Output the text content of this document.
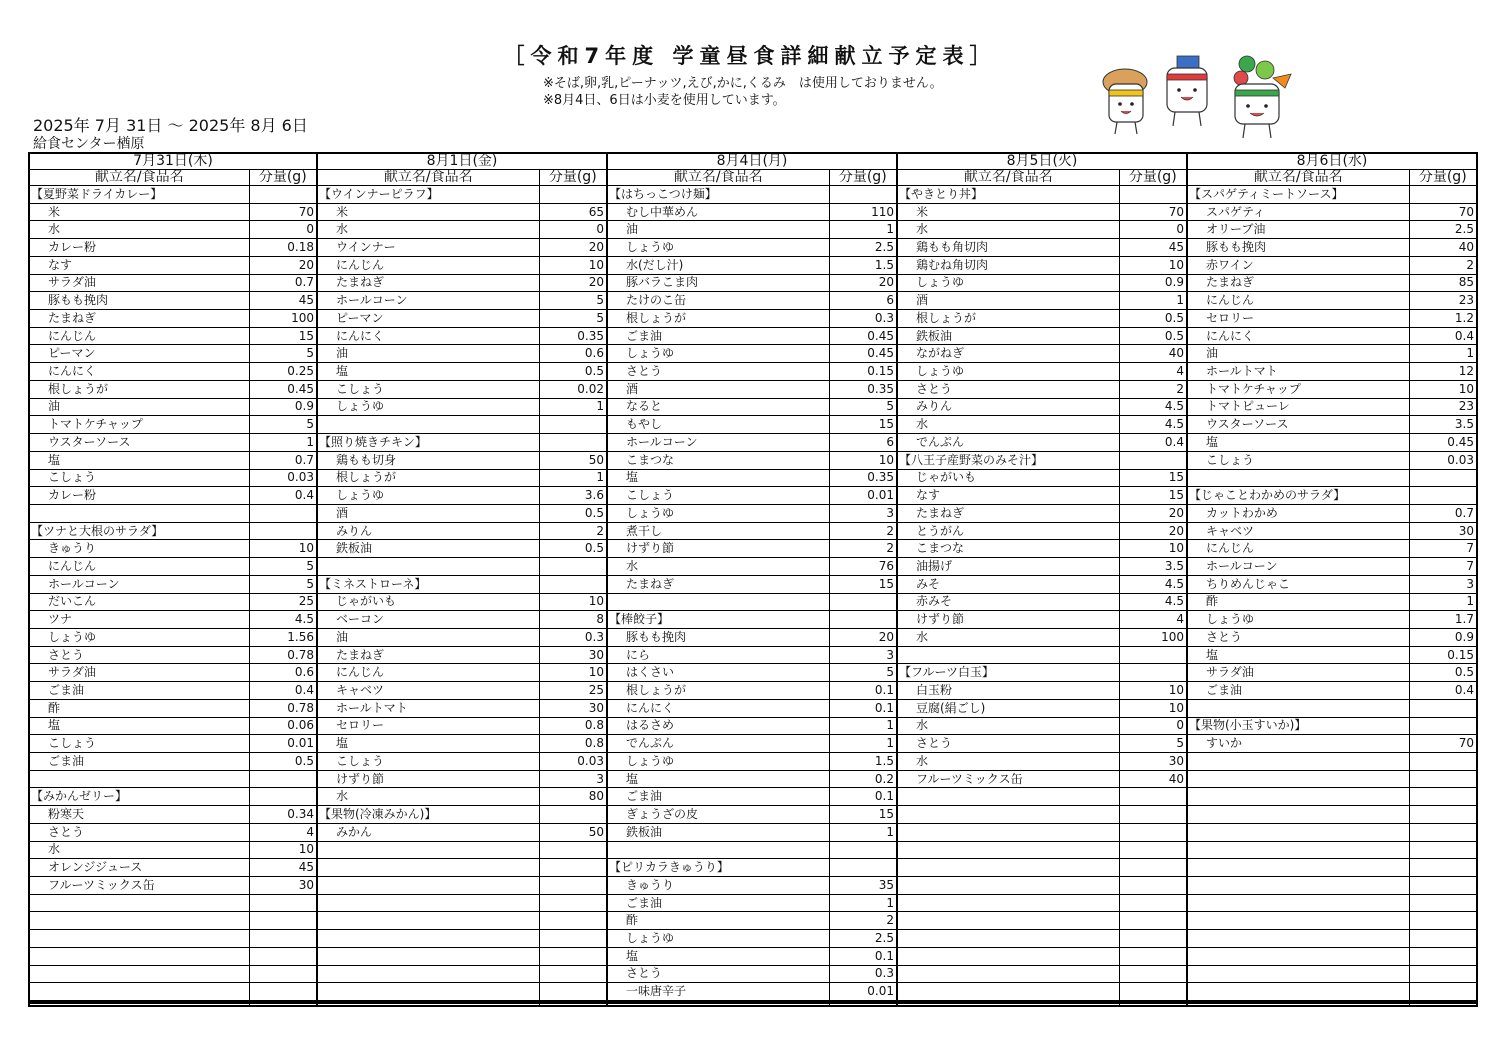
［令和7年度 学童昼食詳細献立予定表］
※そば,卵,乳,ピーナッツ,えび,かに,くるみ　は使用しておりません。
※8月4日、6日は小麦を使用しています。
2025年 7月 31日 ～ 2025年 8月 6日
給食センター楢原
7月31日(木)		8月1日(金)		8月4日(月)		8月5日(火)		8月6日(水)	
献立名/食品名	分量(g)	献立名/食品名	分量(g)	献立名/食品名	分量(g)	献立名/食品名	分量(g)	献立名/食品名	分量(g)
【夏野菜ドライカレー】		【ウインナーピラフ】		【はちっこつけ麺】		【やきとり丼】		【スパゲティミートソース】	
米	70	米	65	むし中華めん	110	米	70	スパゲティ	70
水	0	水	0	油	1	水	0	オリーブ油	2.5
カレー粉	0.18	ウインナー	20	しょうゆ	2.5	鶏もも角切肉	45	豚もも挽肉	40
なす	20	にんじん	10	水(だし汁)	1.5	鶏むね角切肉	10	赤ワイン	2
サラダ油	0.7	たまねぎ	20	豚バラこま肉	20	しょうゆ	0.9	たまねぎ	85
豚もも挽肉	45	ホールコーン	5	たけのこ缶	6	酒	1	にんじん	23
たまねぎ	100	ピーマン	5	根しょうが	0.3	根しょうが	0.5	セロリー	1.2
にんじん	15	にんにく	0.35	ごま油	0.45	鉄板油	0.5	にんにく	0.4
ピーマン	5	油	0.6	しょうゆ	0.45	ながねぎ	40	油	1
にんにく	0.25	塩	0.5	さとう	0.15	しょうゆ	4	ホールトマト	12
根しょうが	0.45	こしょう	0.02	酒	0.35	さとう	2	トマトケチャップ	10
油	0.9	しょうゆ	1	なると	5	みりん	4.5	トマトピューレ	23
トマトケチャップ	5			もやし	15	水	4.5	ウスターソース	3.5
ウスターソース	1	【照り焼きチキン】		ホールコーン	6	でんぷん	0.4	塩	0.45
塩	0.7	鶏もも切身	50	こまつな	10	【八王子産野菜のみそ汁】		こしょう	0.03
こしょう	0.03	根しょうが	1	塩	0.35	じゃがいも	15		
カレー粉	0.4	しょうゆ	3.6	こしょう	0.01	なす	15	【じゃことわかめのサラダ】	
		酒	0.5	しょうゆ	3	たまねぎ	20	カットわかめ	0.7
【ツナと大根のサラダ】		みりん	2	煮干し	2	とうがん	20	キャベツ	30
きゅうり	10	鉄板油	0.5	けずり節	2	こまつな	10	にんじん	7
にんじん	5			水	76	油揚げ	3.5	ホールコーン	7
ホールコーン	5	【ミネストローネ】		たまねぎ	15	みそ	4.5	ちりめんじゃこ	3
だいこん	25	じゃがいも	10			赤みそ	4.5	酢	1
ツナ	4.5	ベーコン	8	【棒餃子】		けずり節	4	しょうゆ	1.7
しょうゆ	1.56	油	0.3	豚もも挽肉	20	水	100	さとう	0.9
さとう	0.78	たまねぎ	30	にら	3			塩	0.15
サラダ油	0.6	にんじん	10	はくさい	5	【フルーツ白玉】		サラダ油	0.5
ごま油	0.4	キャベツ	25	根しょうが	0.1	白玉粉	10	ごま油	0.4
酢	0.78	ホールトマト	30	にんにく	0.1	豆腐(絹ごし)	10		
塩	0.06	セロリー	0.8	はるさめ	1	水	0	【果物(小玉すいか)】	
こしょう	0.01	塩	0.8	でんぷん	1	さとう	5	すいか	70
ごま油	0.5	こしょう	0.03	しょうゆ	1.5	水	30		
		けずり節	3	塩	0.2	フルーツミックス缶	40		
【みかんゼリー】		水	80	ごま油	0.1				
粉寒天	0.34	【果物(冷凍みかん)】		ぎょうざの皮	15				
さとう	4	みかん	50	鉄板油	1				
水	10								
オレンジジュース	45			【ピリカラきゅうり】					
フルーツミックス缶	30			きゅうり	35				
				ごま油	1				
				酢	2				
				しょうゆ	2.5				
				塩	0.1				
				さとう	0.3				
				一味唐辛子	0.01				
